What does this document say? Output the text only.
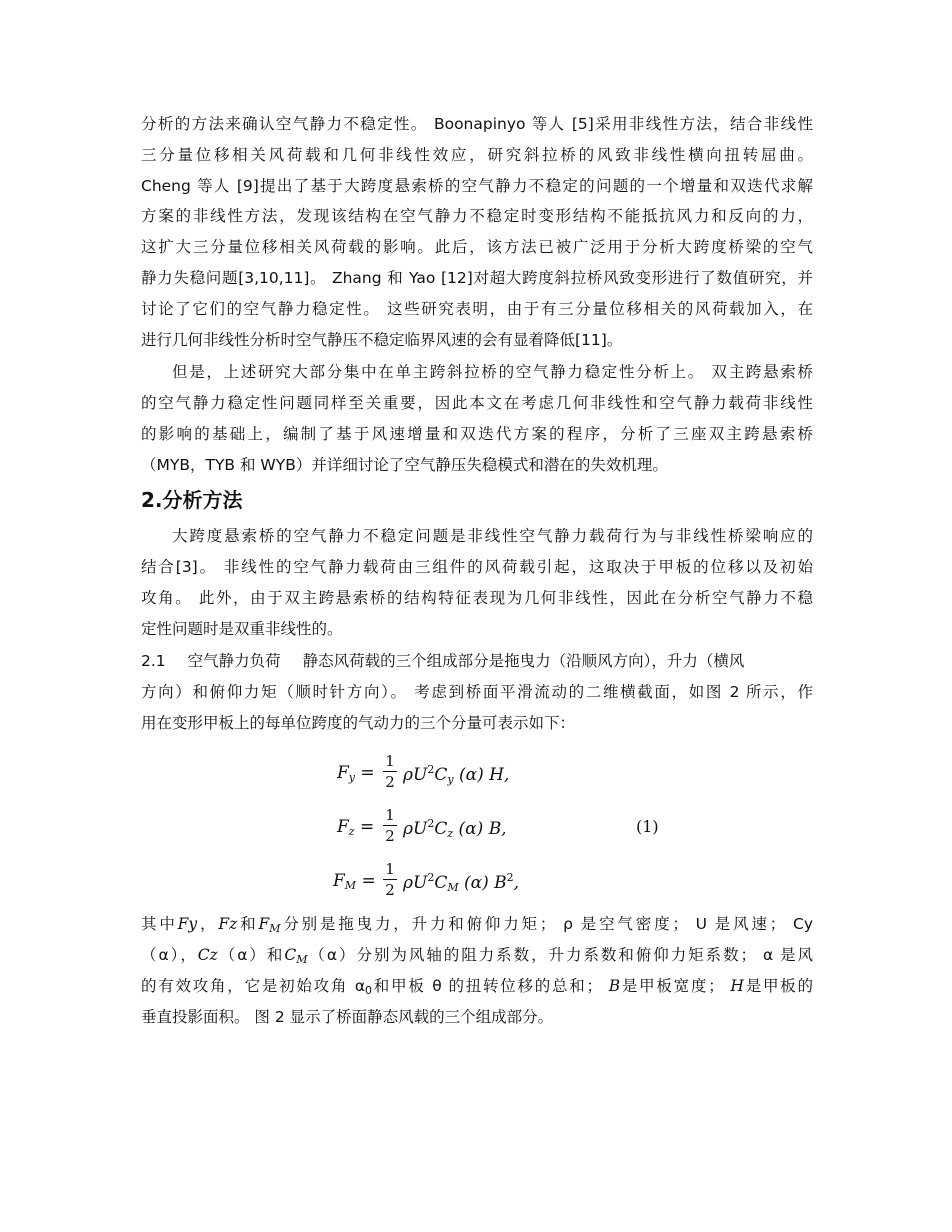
分析的方法来确认空气静力不稳定性。 Boonapinyo 等人 [5]采用非线性方法，结合非线性
三分量位移相关风荷载和几何非线性效应，研究斜拉桥的风致非线性横向扭转屈曲。
Cheng 等人 [9]提出了基于大跨度悬索桥的空气静力不稳定的问题的一个增量和双迭代求解
方案的非线性方法，发现该结构在空气静力不稳定时变形结构不能抵抗风力和反向的力，
这扩大三分量位移相关风荷载的影响。此后，该方法已被广泛用于分析大跨度桥梁的空气
静力失稳问题[3,10,11]。 Zhang 和 Yao [12]对超大跨度斜拉桥风致变形进行了数值研究，并
讨论了它们的空气静力稳定性。 这些研究表明，由于有三分量位移相关的风荷载加入，在
进行几何非线性分析时空气静压不稳定临界风速的会有显着降低[11]。
但是，上述研究大部分集中在单主跨斜拉桥的空气静力稳定性分析上。 双主跨悬索桥
的空气静力稳定性问题同样至关重要，因此本文在考虑几何非线性和空气静力载荷非线性
的影响的基础上，编制了基于风速增量和双迭代方案的程序，分析了三座双主跨悬索桥
（MYB，TYB 和 WYB）并详细讨论了空气静压失稳模式和潜在的失效机理。
2.分析方法
大跨度悬索桥的空气静力不稳定问题是非线性空气静力载荷行为与非线性桥梁响应的
结合[3]。 非线性的空气静力载荷由三组件的风荷载引起，这取决于甲板的位移以及初始
攻角。 此外，由于双主跨悬索桥的结构特征表现为几何非线性，因此在分析空气静力不稳
定性问题时是双重非线性的。
2.1 空气静力负荷 静态风荷载的三个组成部分是拖曳力（沿顺风方向），升力（横风
方向）和俯仰力矩（顺时针方向）。 考虑到桥面平滑流动的二维横截面，如图 2 所示，作
用在变形甲板上的每单位跨度的气动力的三个分量可表示如下：
$F_y$ =
1
2 $\rho U^2C_y$ (α) H,
$F_z$ =
1
2 $\rho U^2C_z$ (α) B,
$F_M$ =
1
2 $\rho U^2C_M$ (α) $B^2$,
(1)
其中Fy，Fz和$F_M$分别是拖曳力，升力和俯仰力矩； ρ 是空气密度； U 是风速； Cy
（α），Cz（α）和$C_M(\alpha)$分别为风轴的阻力系数，升力系数和俯仰力矩系数； α 是风
的有效攻角，它是初始攻角 $\alpha_0$和甲板 θ 的扭转位移的总和； B是甲板宽度； H是甲板的
垂直投影面积。 图 2 显示了桥面静态风载的三个组成部分。
